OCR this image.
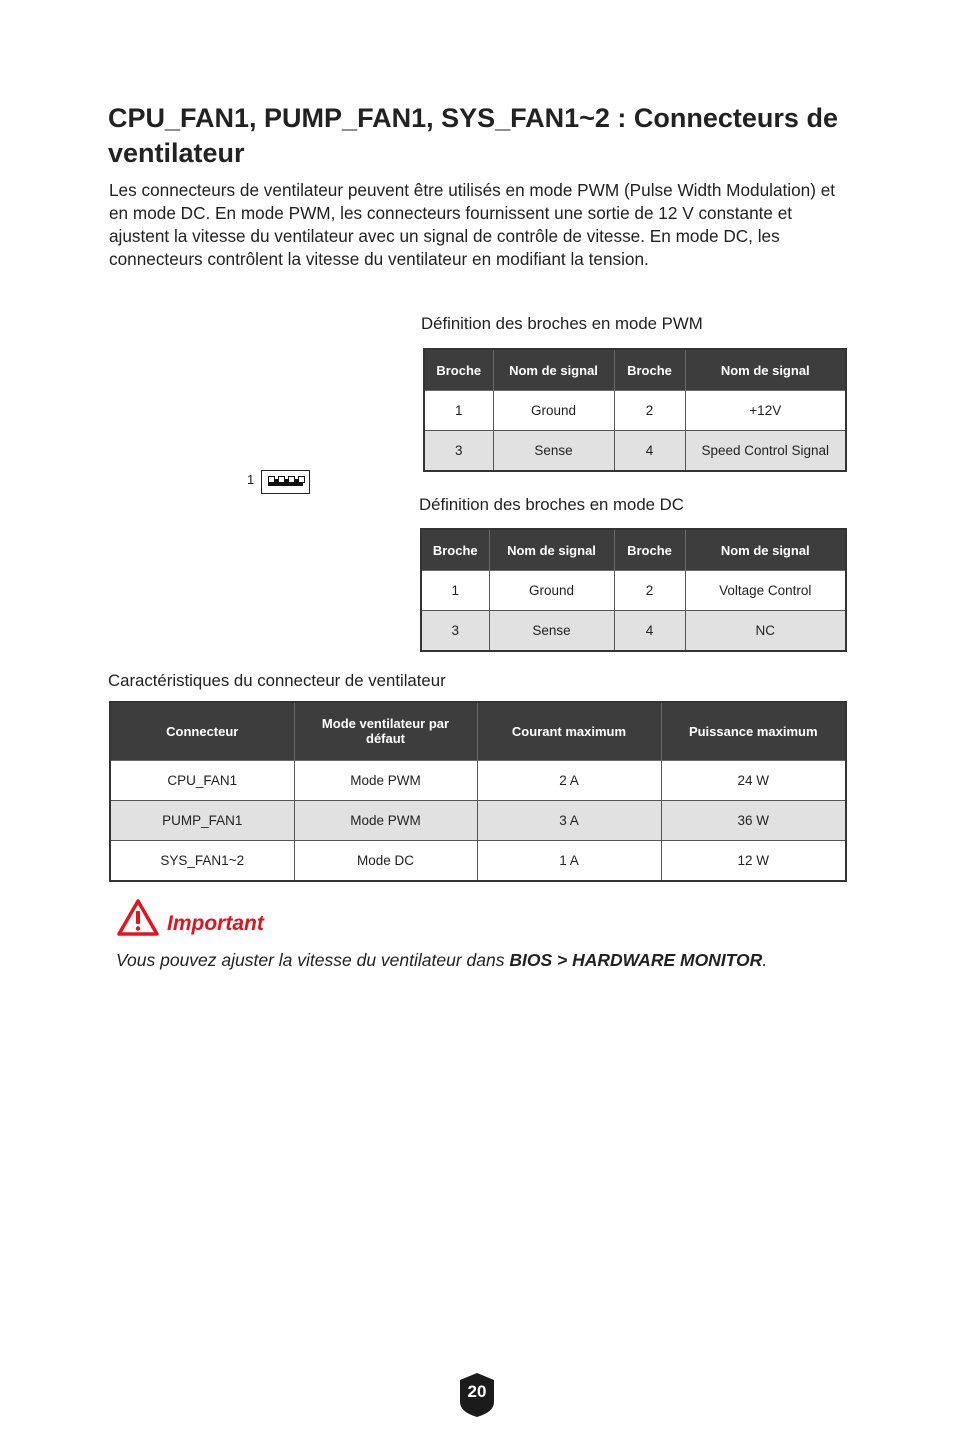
CPU_FAN1, PUMP_FAN1, SYS_FAN1~2 : Connecteurs de ventilateur

Les connecteurs de ventilateur peuvent être utilisés en mode PWM (Pulse Width Modulation) et en mode DC. En mode PWM, les connecteurs fournissent une sortie de 12 V constante et ajustent la vitesse du ventilateur avec un signal de contrôle de vitesse. En mode DC, les connecteurs contrôlent la vitesse du ventilateur en modifiant la tension.

1
Définition des broches en mode PWM
Broche	Nom de signal	Broche	Nom de signal
1	Ground	2	+12V
3	Sense	4	Speed Control Signal
Définition des broches en mode DC
Broche	Nom de signal	Broche	Nom de signal
1	Ground	2	Voltage Control
3	Sense	4	NC
Caractéristiques du connecteur de ventilateur
Connecteur	Mode ventilateur par défaut	Courant maximum	Puissance maximum
CPU_FAN1	Mode PWM	2 A	24 W
PUMP_FAN1	Mode PWM	3 A	36 W
SYS_FAN1~2	Mode DC	1 A	12 W
Important
Vous pouvez ajuster la vitesse du ventilateur dans BIOS > HARDWARE MONITOR.
20
